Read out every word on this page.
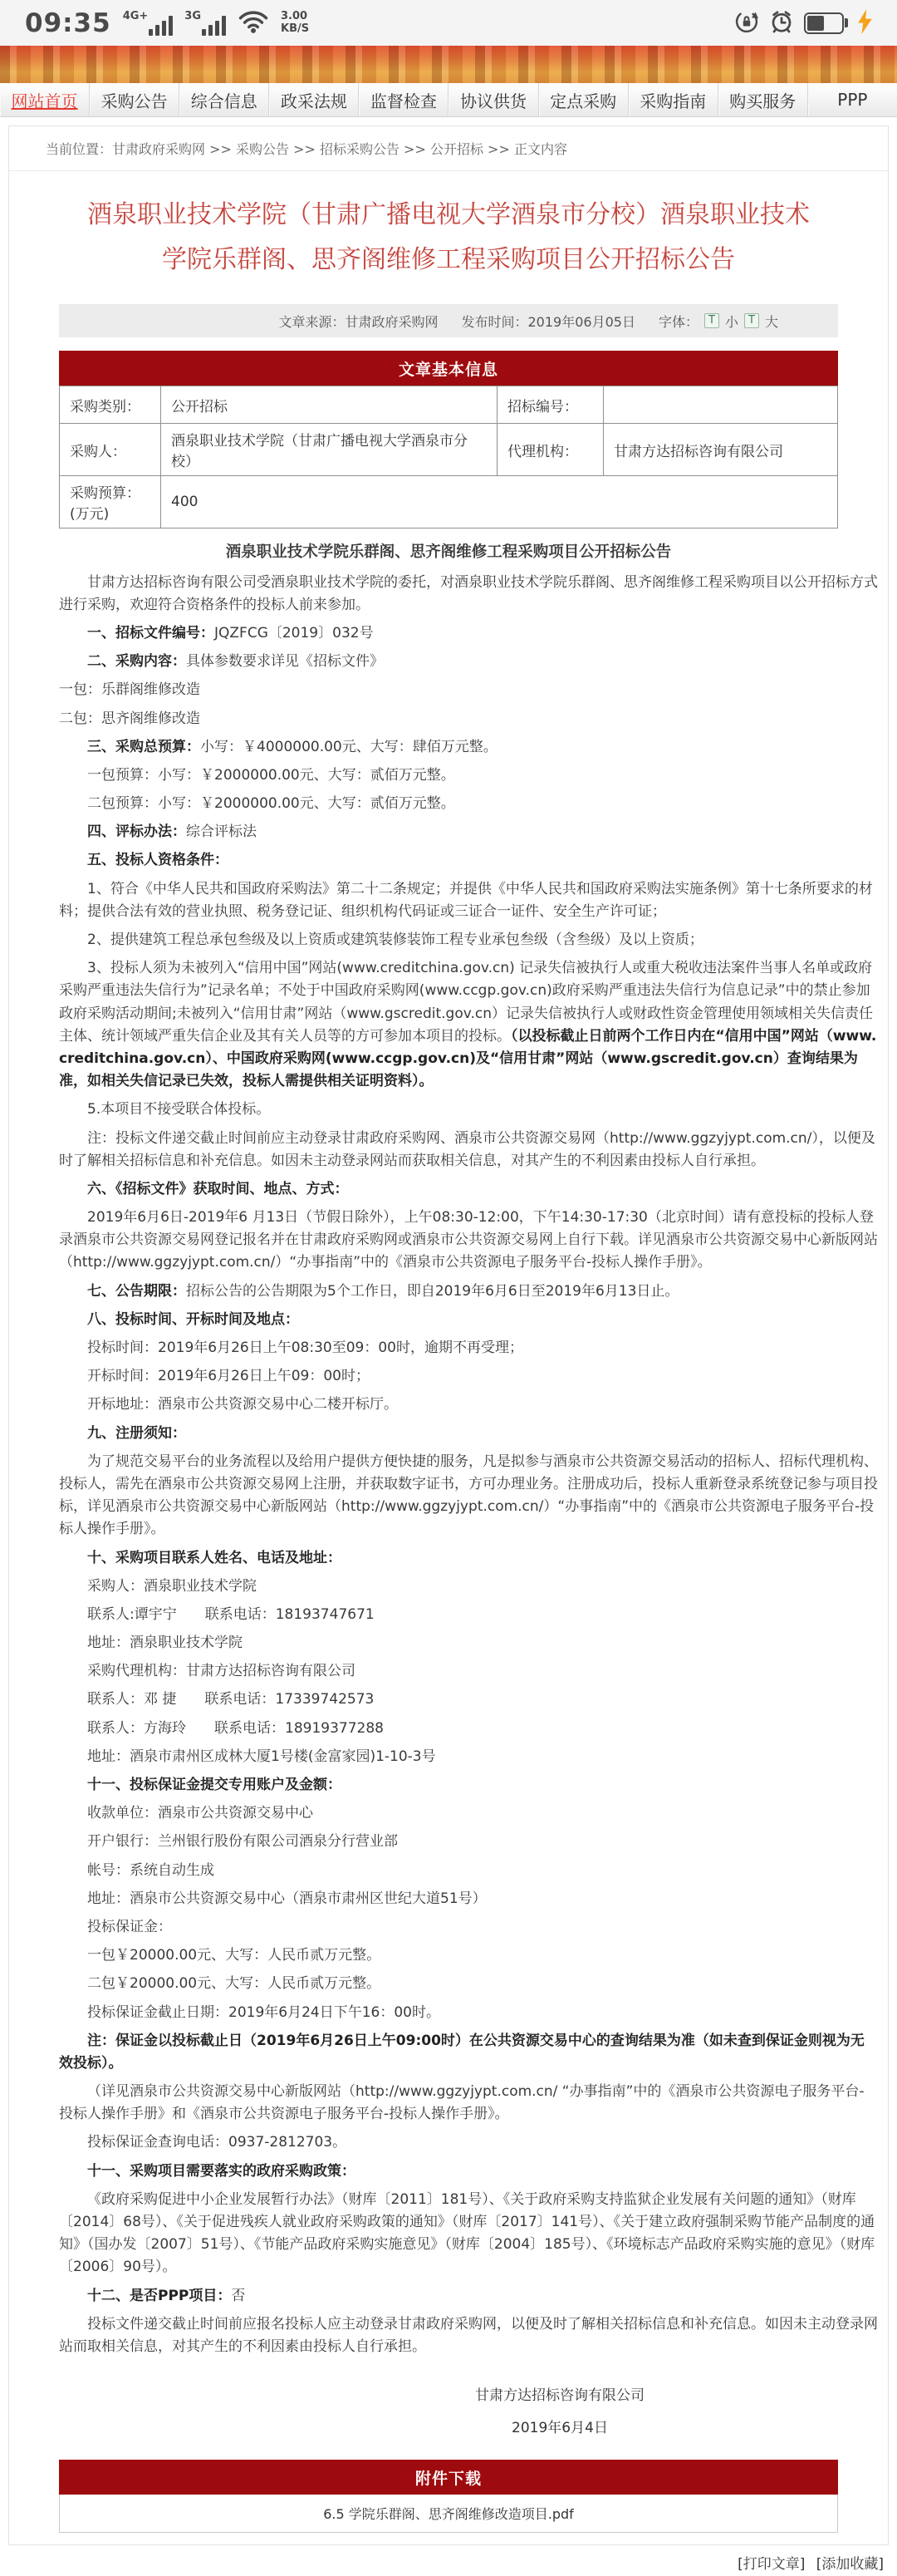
09:35 4G+	3G	3.00
KB/S
网站首页 采购公告 综合信息 政采法规 监督检查 协议供货 定点采购 采购指南 购买服务	PPP
当前位置：甘肃政府采购网 >> 采购公告 >> 招标采购公告 >> 公开招标 >> 正文内容
酒泉职业技术学院（甘肃广播电视大学酒泉市分校）酒泉职业技术学院乐群阁、思齐阁维修工程采购项目公开招标公告
文章来源：甘肃政府采购网 发布时间：2019年06月05日 字体： T 小 T 大
文章基本信息
采购类别：	公开招标	招标编号：	
采购人：	酒泉职业技术学院（甘肃广播电视大学酒泉市分校）	代理机构：	甘肃方达招标咨询有限公司
采购预算：(万元)	400		
酒泉职业技术学院乐群阁、思齐阁维修工程采购项目公开招标公告

甘肃方达招标咨询有限公司受酒泉职业技术学院的委托，对酒泉职业技术学院乐群阁、思齐阁维修工程采购项目以公开招标方式进行采购，欢迎符合资格条件的投标人前来参加。

一、招标文件编号：JQZFCG〔2019〕032号

二、采购内容：具体参数要求详见《招标文件》

一包：乐群阁维修改造

二包：思齐阁维修改造

三、采购总预算：小写：￥4000000.00元、大写：肆佰万元整。

一包预算：小写：￥2000000.00元、大写：贰佰万元整。

二包预算：小写：￥2000000.00元、大写：贰佰万元整。

四、评标办法：综合评标法

五、投标人资格条件：

1、符合《中华人民共和国政府采购法》第二十二条规定；并提供《中华人民共和国政府采购法实施条例》第十七条所要求的材料；提供合法有效的营业执照、税务登记证、组织机构代码证或三证合一证件、安全生产许可证；

2、提供建筑工程总承包叁级及以上资质或建筑装修装饰工程专业承包叁级（含叁级）及以上资质；

3、投标人须为未被列入“信用中国”网站(www.creditchina.gov.cn) 记录失信被执行人或重大税收违法案件当事人名单或政府采购严重违法失信行为”记录名单；不处于中国政府采购网(www.ccgp.gov.cn)政府采购严重违法失信行为信息记录”中的禁止参加政府采购活动期间;未被列入“信用甘肃”网站（www.gscredit.gov.cn）记录失信被执行人或财政性资金管理使用领域相关失信责任主体、统计领域严重失信企业及其有关人员等的方可参加本项目的投标。（以投标截止日前两个工作日内在“信用中国”网站（www.creditchina.gov.cn）、中国政府采购网(www.ccgp.gov.cn)及“信用甘肃”网站（www.gscredit.gov.cn）查询结果为准，如相关失信记录已失效，投标人需提供相关证明资料）。

5.本项目不接受联合体投标。

注：投标文件递交截止时间前应主动登录甘肃政府采购网、酒泉市公共资源交易网（http://www.ggzyjypt.com.cn/），以便及时了解相关招标信息和补充信息。如因未主动登录网站而获取相关信息，对其产生的不利因素由投标人自行承担。

六、《招标文件》获取时间、地点、方式：

2019年6月6日-2019年6 月13日（节假日除外），上午08:30-12:00，下午14:30-17:30（北京时间）请有意投标的投标人登录酒泉市公共资源交易网登记报名并在甘肃政府采购网或酒泉市公共资源交易网上自行下载。详见酒泉市公共资源交易中心新版网站（http://www.ggzyjypt.com.cn/）“办事指南”中的《酒泉市公共资源电子服务平台-投标人操作手册》。

七、公告期限：招标公告的公告期限为5个工作日，即自2019年6月6日至2019年6月13日止。

八、投标时间、开标时间及地点：

投标时间：2019年6月26日上午08:30至09：00时，逾期不再受理；

开标时间：2019年6月26日上午09：00时；

开标地址：酒泉市公共资源交易中心二楼开标厅。

九、注册须知：

为了规范交易平台的业务流程以及给用户提供方便快捷的服务，凡是拟参与酒泉市公共资源交易活动的招标人、招标代理机构、投标人，需先在酒泉市公共资源交易网上注册，并获取数字证书，方可办理业务。注册成功后，投标人重新登录系统登记参与项目投标，详见酒泉市公共资源交易中心新版网站（http://www.ggzyjypt.com.cn/）“办事指南”中的《酒泉市公共资源电子服务平台-投标人操作手册》。

十、采购项目联系人姓名、电话及地址：

采购人：酒泉职业技术学院

联系人:谭宇宁　　联系电话：18193747671

地址：酒泉职业技术学院

采购代理机构：甘肃方达招标咨询有限公司

联系人：邓 捷　　联系电话：17339742573

联系人：方海玲　　联系电话：18919377288

地址：酒泉市肃州区成林大厦1号楼(金富家园)1-10-3号

十一、投标保证金提交专用账户及金额：

收款单位：酒泉市公共资源交易中心

开户银行：兰州银行股份有限公司酒泉分行营业部

帐号：系统自动生成

地址：酒泉市公共资源交易中心（酒泉市肃州区世纪大道51号）

投标保证金：

一包￥20000.00元、大写：人民币贰万元整。

二包￥20000.00元、大写：人民币贰万元整。

投标保证金截止日期：2019年6月24日下午16：00时。

注：保证金以投标截止日（2019年6月26日上午09:00时）在公共资源交易中心的查询结果为准（如未查到保证金则视为无效投标）。

（详见酒泉市公共资源交易中心新版网站（http://www.ggzyjypt.com.cn/ “办事指南”中的《酒泉市公共资源电子服务平台-投标人操作手册》和《酒泉市公共资源电子服务平台-投标人操作手册》。

投标保证金查询电话：0937-2812703。

十一、采购项目需要落实的政府采购政策：

《政府采购促进中小企业发展暂行办法》（财库〔2011〕181号）、《关于政府采购支持监狱企业发展有关问题的通知》（财库〔2014〕68号）、《关于促进残疾人就业政府采购政策的通知》（财库〔2017〕141号）、《关于建立政府强制采购节能产品制度的通知》（国办发〔2007〕51号）、《节能产品政府采购实施意见》（财库〔2004〕185号）、《环境标志产品政府采购实施的意见》（财库〔2006〕90号）。

十二、是否PPP项目：否

投标文件递交截止时间前应报名投标人应主动登录甘肃政府采购网，以便及时了解相关招标信息和补充信息。如因未主动登录网站而取相关信息，对其产生的不利因素由投标人自行承担。

甘肃方达招标咨询有限公司
2019年6月4日
附件下载
6.5 学院乐群阁、思齐阁维修改造项目.pdf
[打印文章] [添加收藏]
